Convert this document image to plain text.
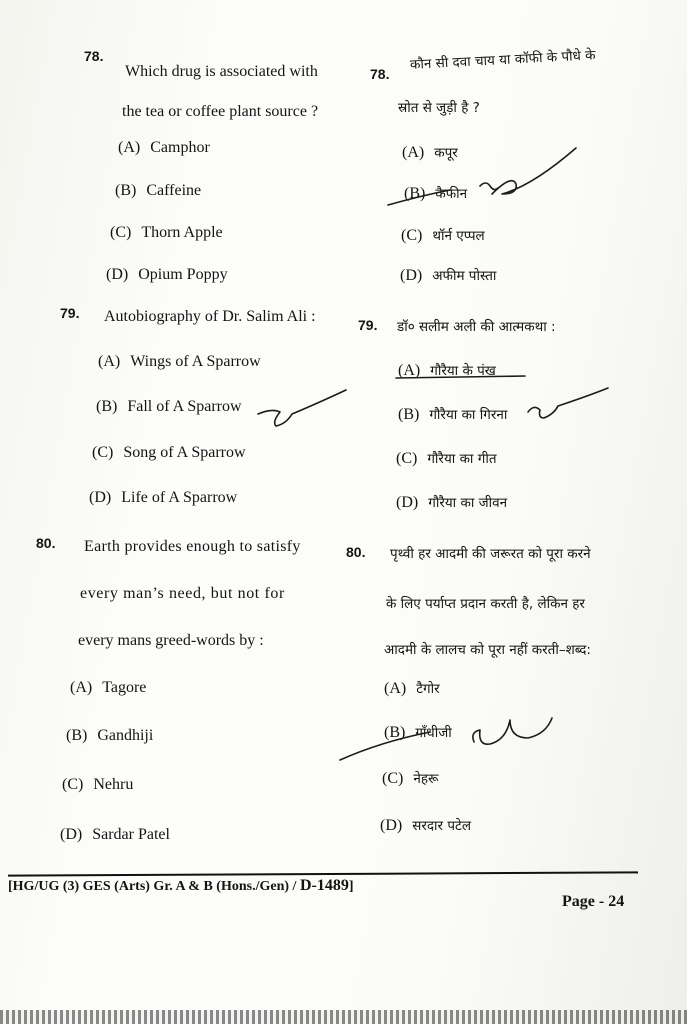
78.
Which drug is associated with
the tea or coffee plant source ?
(A) Camphor
(B) Caffeine
(C) Thorn Apple
(D) Opium Poppy
78.
कौन सी दवा चाय या कॉफी के पौधे के
स्रोत से जुड़ी है ?
(A) कपूर
(B) कैफीन
(C) थॉर्न एप्पल
(D) अफीम पोस्ता
79. Autobiography of Dr. Salim Ali :
(A) Wings of A Sparrow
(B) Fall of A Sparrow
(C) Song of A Sparrow
(D) Life of A Sparrow
79. डॉ० सलीम अली की आत्मकथा :
(A) गौरैया के पंख
(B) गौरैया का गिरना
(C) गौरैया का गीत
(D) गौरैया का जीवन
80. Earth provides enough to satisfy
every man’s need, but not for
every mans greed-words by :
(A) Tagore
(B) Gandhiji
(C) Nehru
(D) Sardar Patel
80. पृथ्वी हर आदमी की जरूरत को पूरा करने
के लिए पर्याप्त प्रदान करती है, लेकिन हर
आदमी के लालच को पूरा नहीं करती–शब्द:
(A) टैगोर
(B) गाँधीजी
(C) नेहरू
(D) सरदार पटेल
[HG/UG (3) GES (Arts) Gr. A & B (Hons./Gen) / D-1489]
Page - 24
